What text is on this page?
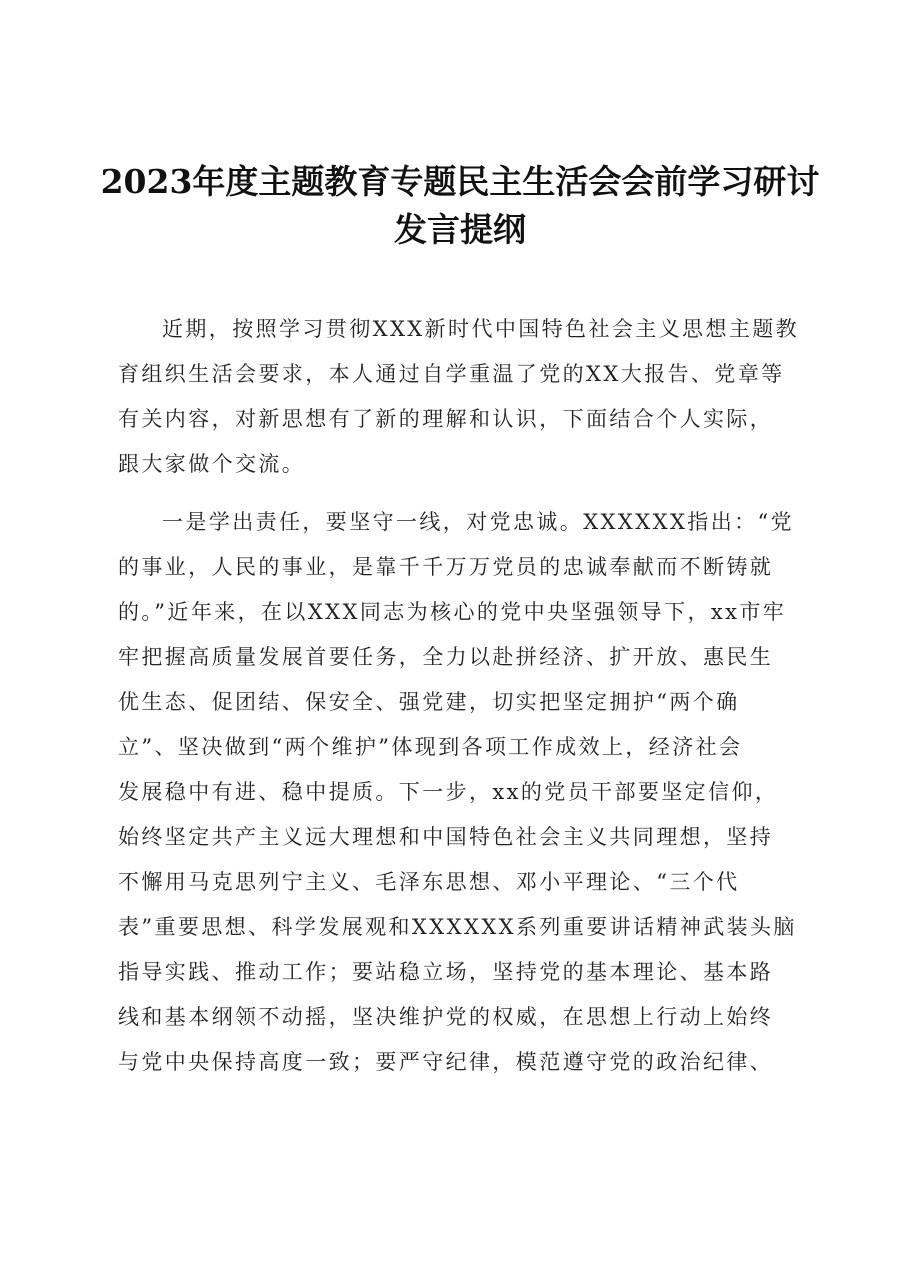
2023年度主题教育专题民主生活会会前学习研讨
发言提纲
近期，按照学习贯彻XXX新时代中国特色社会主义思想主题教
育组织生活会要求，本人通过自学重温了党的XX大报告、党章等
有关内容，对新思想有了新的理解和认识，下面结合个人实际，
跟大家做个交流。
一是学出责任，要坚守一线，对党忠诚。XXXXXX指出：“党
的事业，人民的事业，是靠千千万万党员的忠诚奉献而不断铸就
的。”近年来，在以XXX同志为核心的党中央坚强领导下，xx市牢
牢把握高质量发展首要任务，全力以赴拼经济、扩开放、惠民生
优生态、促团结、保安全、强党建，切实把坚定拥护“两个确
立”、坚决做到“两个维护”体现到各项工作成效上，经济社会
发展稳中有进、稳中提质。下一步，xx的党员干部要坚定信仰，
始终坚定共产主义远大理想和中国特色社会主义共同理想，坚持
不懈用马克思列宁主义、毛泽东思想、邓小平理论、“三个代
表”重要思想、科学发展观和XXXXXX系列重要讲话精神武装头脑
指导实践、推动工作；要站稳立场，坚持党的基本理论、基本路
线和基本纲领不动摇，坚决维护党的权威，在思想上行动上始终
与党中央保持高度一致；要严守纪律，模范遵守党的政治纪律、
